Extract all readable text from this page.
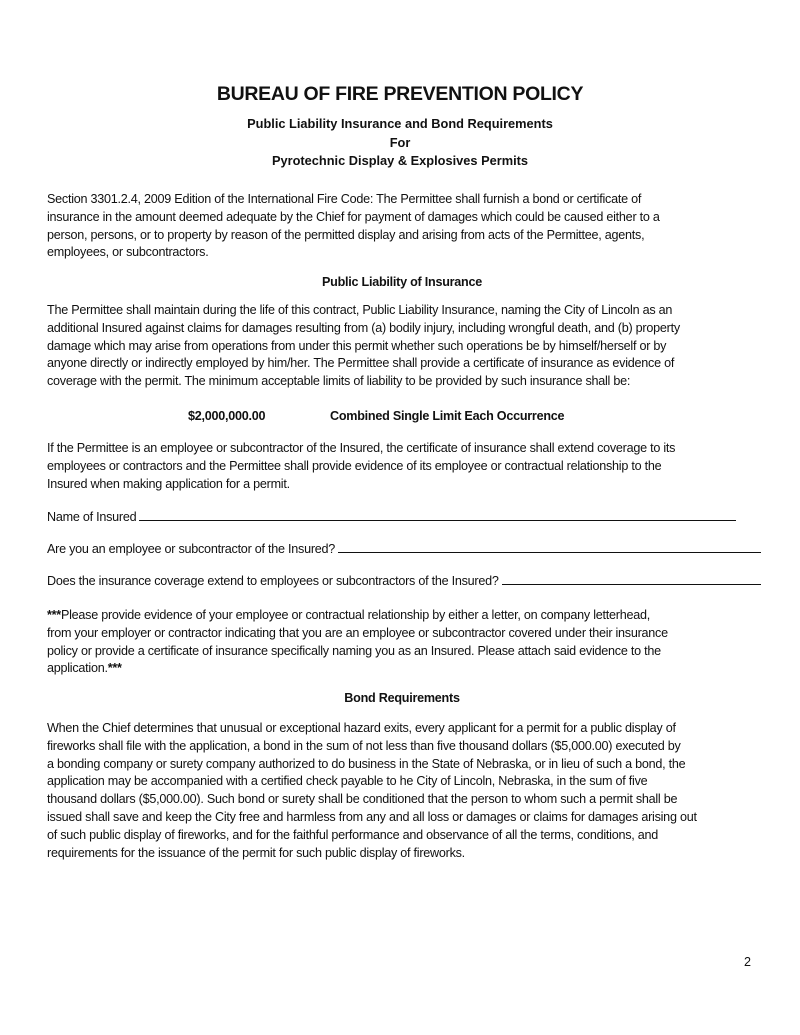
BUREAU OF FIRE PREVENTION POLICY
Public Liability Insurance and Bond Requirements
For
Pyrotechnic Display & Explosives Permits
Section 3301.2.4, 2009 Edition of the International Fire Code: The Permittee shall furnish a bond or certificate of
insurance in the amount deemed adequate by the Chief for payment of damages which could be caused either to a
person, persons, or to property by reason of the permitted display and arising from acts of the Permittee, agents,
employees, or subcontractors.
Public Liability of Insurance
The Permittee shall maintain during the life of this contract, Public Liability Insurance, naming the City of Lincoln as an
additional Insured against claims for damages resulting from (a) bodily injury, including wrongful death, and (b) property
damage which may arise from operations from under this permit whether such operations be by himself/herself or by
anyone directly or indirectly employed by him/her. The Permittee shall provide a certificate of insurance as evidence of
coverage with the permit. The minimum acceptable limits of liability to be provided by such insurance shall be:
$2,000,000.00	Combined Single Limit Each Occurrence
If the Permittee is an employee or subcontractor of the Insured, the certificate of insurance shall extend coverage to its
employees or contractors and the Permittee shall provide evidence of its employee or contractual relationship to the
Insured when making application for a permit.
Name of Insured
Are you an employee or subcontractor of the Insured?
Does the insurance coverage extend to employees or subcontractors of the Insured?
***Please provide evidence of your employee or contractual relationship by either a letter, on company letterhead,
from your employer or contractor indicating that you are an employee or subcontractor covered under their insurance
policy or provide a certificate of insurance specifically naming you as an Insured. Please attach said evidence to the
application.***
Bond Requirements
When the Chief determines that unusual or exceptional hazard exits, every applicant for a permit for a public display of
fireworks shall file with the application, a bond in the sum of not less than five thousand dollars ($5,000.00) executed by
a bonding company or surety company authorized to do business in the State of Nebraska, or in lieu of such a bond, the
application may be accompanied with a certified check payable to he City of Lincoln, Nebraska, in the sum of five
thousand dollars ($5,000.00). Such bond or surety shall be conditioned that the person to whom such a permit shall be
issued shall save and keep the City free and harmless from any and all loss or damages or claims for damages arising out
of such public display of fireworks, and for the faithful performance and observance of all the terms, conditions, and
requirements for the issuance of the permit for such public display of fireworks.
2
